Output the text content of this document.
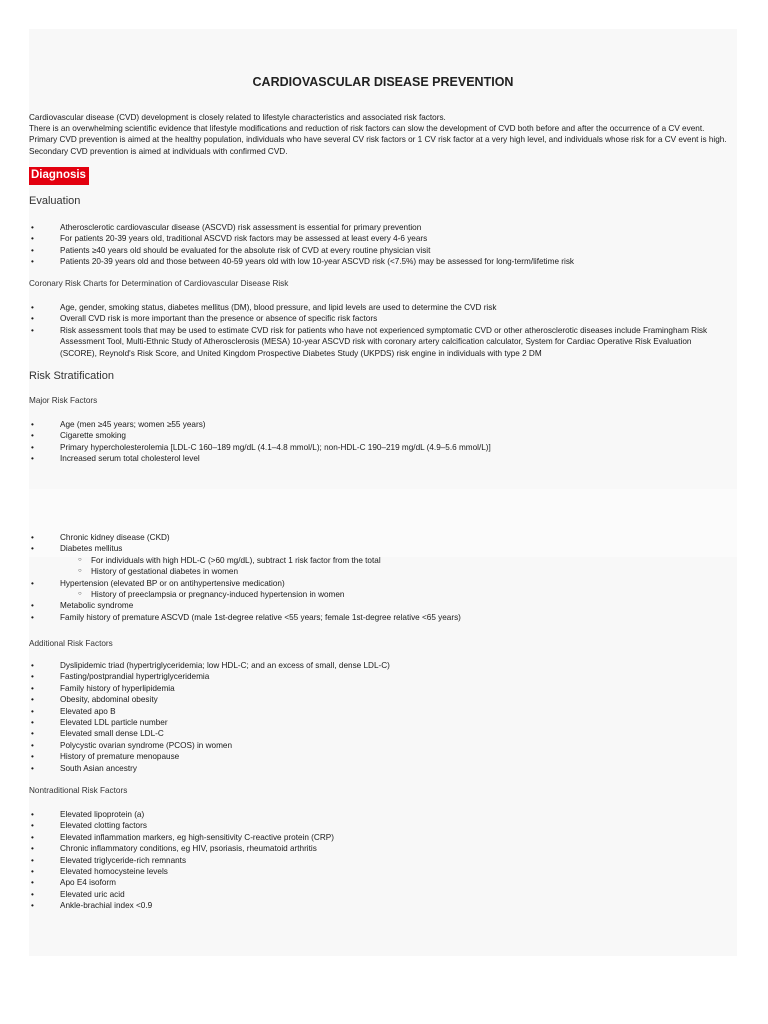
CARDIOVASCULAR DISEASE PREVENTION

Cardiovascular disease (CVD) development is closely related to lifestyle characteristics and associated risk factors.

There is an overwhelming scientific evidence that lifestyle modifications and reduction of risk factors can slow the development of CVD both before and after the occurrence of a CV event.

Primary CVD prevention is aimed at the healthy population, individuals who have several CV risk factors or 1 CV risk factor at a very high level, and individuals whose risk for a CV event is high. Secondary CVD prevention is aimed at individuals with confirmed CVD.

Diagnosis
Evaluation
• Atherosclerotic cardiovascular disease (ASCVD) risk assessment is essential for primary prevention
• For patients 20-39 years old, traditional ASCVD risk factors may be assessed at least every 4-6 years
• Patients ≥40 years old should be evaluated for the absolute risk of CVD at every routine physician visit
• Patients 20-39 years old and those between 40-59 years old with low 10-year ASCVD risk (<7.5%) may be assessed for long-term/lifetime risk
Coronary Risk Charts for Determination of Cardiovascular Disease Risk
• Age, gender, smoking status, diabetes mellitus (DM), blood pressure, and lipid levels are used to determine the CVD risk
• Overall CVD risk is more important than the presence or absence of specific risk factors
• Risk assessment tools that may be used to estimate CVD risk for patients who have not experienced symptomatic CVD or other atherosclerotic diseases include Framingham Risk Assessment Tool, Multi-Ethnic Study of Atherosclerosis (MESA) 10-year ASCVD risk with coronary artery calcification calculator, System for Cardiac Operative Risk Evaluation (SCORE), Reynold's Risk Score, and United Kingdom Prospective Diabetes Study (UKPDS) risk engine in individuals with type 2 DM
Risk Stratification
Major Risk Factors
• Age (men ≥45 years; women ≥55 years)
• Cigarette smoking
• Primary hypercholesterolemia [LDL-C 160–189 mg/dL (4.1–4.8 mmol/L); non-HDL-C 190–219 mg/dL (4.9–5.6 mmol/L)]
• Increased serum total cholesterol level
• Chronic kidney disease (CKD)
• Diabetes mellitus
○ For individuals with high HDL-C (>60 mg/dL), subtract 1 risk factor from the total
○ History of gestational diabetes in women
• Hypertension (elevated BP or on antihypertensive medication)
○ History of preeclampsia or pregnancy-induced hypertension in women
• Metabolic syndrome
• Family history of premature ASCVD (male 1st-degree relative <55 years; female 1st-degree relative <65 years)
Additional Risk Factors
• Dyslipidemic triad (hypertriglyceridemia; low HDL-C; and an excess of small, dense LDL-C)
• Fasting/postprandial hypertriglyceridemia
• Family history of hyperlipidemia
• Obesity, abdominal obesity
• Elevated apo B
• Elevated LDL particle number
• Elevated small dense LDL-C
• Polycystic ovarian syndrome (PCOS) in women
• History of premature menopause
• South Asian ancestry
Nontraditional Risk Factors
• Elevated lipoprotein (a)
• Elevated clotting factors
• Elevated inflammation markers, eg high-sensitivity C-reactive protein (CRP)
• Chronic inflammatory conditions, eg HIV, psoriasis, rheumatoid arthritis
• Elevated triglyceride-rich remnants
• Elevated homocysteine levels
• Apo E4 isoform
• Elevated uric acid
• Ankle-brachial index <0.9
